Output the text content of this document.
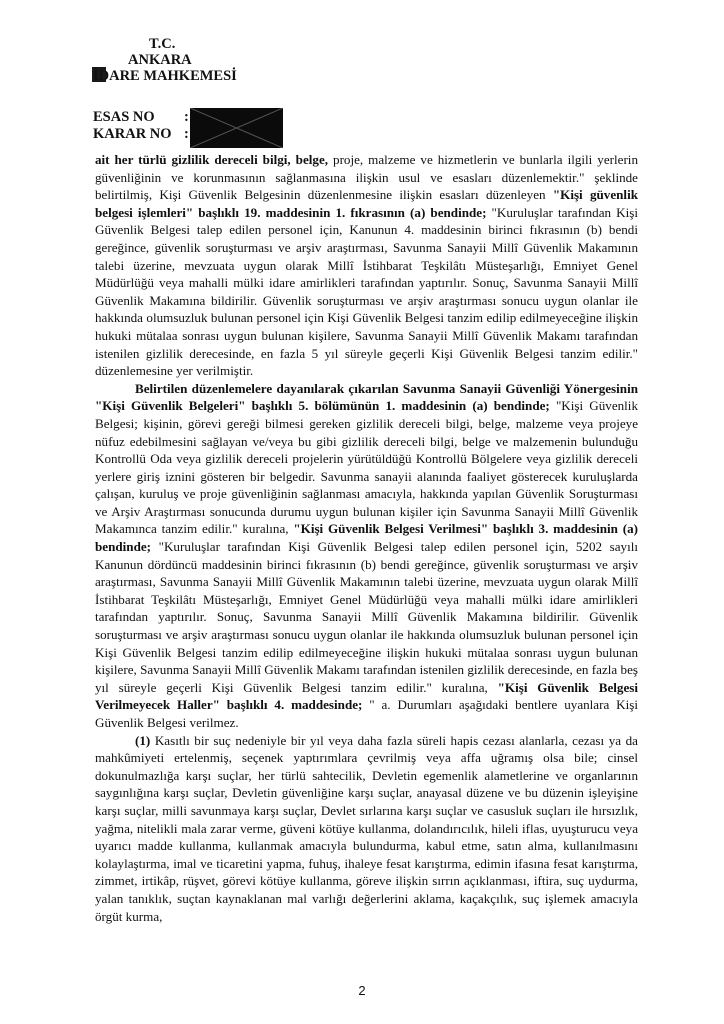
T.C.
ANKARA
İDARE MAHKEMESİ
ESAS NO :
KARAR NO :

ait her türlü gizlilik dereceli bilgi, belge, proje, malzeme ve hizmetlerin ve bunlarla ilgili yerlerin güvenliğinin ve korunmasının sağlanmasına ilişkin usul ve esasları düzenlemektir." şeklinde belirtilmiş, Kişi Güvenlik Belgesinin düzenlenmesine ilişkin esasları düzenleyen "Kişi güvenlik belgesi işlemleri" başlıklı 19. maddesinin 1. fıkrasının (a) bendinde; "Kuruluşlar tarafından Kişi Güvenlik Belgesi talep edilen personel için, Kanunun 4. maddesinin birinci fıkrasının (b) bendi gereğince, güvenlik soruşturması ve arşiv araştırması, Savunma Sanayii Millî Güvenlik Makamının talebi üzerine, mevzuata uygun olarak Millî İstihbarat Teşkilâtı Müsteşarlığı, Emniyet Genel Müdürlüğü veya mahalli mülki idare amirlikleri tarafından yaptırılır. Sonuç, Savunma Sanayii Millî Güvenlik Makamına bildirilir. Güvenlik soruşturması ve arşiv araştırması sonucu uygun olanlar ile hakkında olumsuzluk bulunan personel için Kişi Güvenlik Belgesi tanzim edilip edilmeyeceğine ilişkin hukuki mütalaa sonrası uygun bulunan kişilere, Savunma Sanayii Millî Güvenlik Makamı tarafından istenilen gizlilik derecesinde, en fazla 5 yıl süreyle geçerli Kişi Güvenlik Belgesi tanzim edilir." düzenlemesine yer verilmiştir.

Belirtilen düzenlemelere dayanılarak çıkarılan Savunma Sanayii Güvenliği Yönergesinin "Kişi Güvenlik Belgeleri" başlıklı 5. bölümünün 1. maddesinin (a) bendinde; "Kişi Güvenlik Belgesi; kişinin, görevi gereği bilmesi gereken gizlilik dereceli bilgi, belge, malzeme veya projeye nüfuz edebilmesini sağlayan ve/veya bu gibi gizlilik dereceli bilgi, belge ve malzemenin bulunduğu Kontrollü Oda veya gizlilik dereceli projelerin yürütüldüğü Kontrollü Bölgelere veya gizlilik dereceli yerlere giriş iznini gösteren bir belgedir. Savunma sanayii alanında faaliyet gösterecek kuruluşlarda çalışan, kuruluş ve proje güvenliğinin sağlanması amacıyla, hakkında yapılan Güvenlik Soruşturması ve Arşiv Araştırması sonucunda durumu uygun bulunan kişiler için Savunma Sanayii Millî Güvenlik Makamınca tanzim edilir." kuralına, "Kişi Güvenlik Belgesi Verilmesi" başlıklı 3. maddesinin (a) bendinde; "Kuruluşlar tarafından Kişi Güvenlik Belgesi talep edilen personel için, 5202 sayılı Kanunun dördüncü maddesinin birinci fıkrasının (b) bendi gereğince, güvenlik soruşturması ve arşiv araştırması, Savunma Sanayii Millî Güvenlik Makamının talebi üzerine, mevzuata uygun olarak Millî İstihbarat Teşkilâtı Müsteşarlığı, Emniyet Genel Müdürlüğü veya mahalli mülki idare amirlikleri tarafından yaptırılır. Sonuç, Savunma Sanayii Millî Güvenlik Makamına bildirilir. Güvenlik soruşturması ve arşiv araştırması sonucu uygun olanlar ile hakkında olumsuzluk bulunan personel için Kişi Güvenlik Belgesi tanzim edilip edilmeyeceğine ilişkin hukuki mütalaa sonrası uygun bulunan kişilere, Savunma Sanayii Millî Güvenlik Makamı tarafından istenilen gizlilik derecesinde, en fazla beş yıl süreyle geçerli Kişi Güvenlik Belgesi tanzim edilir." kuralına, "Kişi Güvenlik Belgesi Verilmeyecek Haller" başlıklı 4. maddesinde; " a. Durumları aşağıdaki bentlere uyanlara Kişi Güvenlik Belgesi verilmez.

(1) Kasıtlı bir suç nedeniyle bir yıl veya daha fazla süreli hapis cezası alanlarla, cezası ya da mahkûmiyeti ertelenmiş, seçenek yaptırımlara çevrilmiş veya affa uğramış olsa bile; cinsel dokunulmazlığa karşı suçlar, her türlü sahtecilik, Devletin egemenlik alametlerine ve organlarının saygınlığına karşı suçlar, Devletin güvenliğine karşı suçlar, anayasal düzene ve bu düzenin işleyişine karşı suçlar, milli savunmaya karşı suçlar, Devlet sırlarına karşı suçlar ve casusluk suçları ile hırsızlık, yağma, nitelikli mala zarar verme, güveni kötüye kullanma, dolandırıcılık, hileli iflas, uyuşturucu veya uyarıcı madde kullanma, kullanmak amacıyla bulundurma, kabul etme, satın alma, kullanılmasını kolaylaştırma, imal ve ticaretini yapma, fuhuş, ihaleye fesat karıştırma, edimin ifasına fesat karıştırma, zimmet, irtikâp, rüşvet, görevi kötüye kullanma, göreve ilişkin sırrın açıklanması, iftira, suç uydurma, yalan tanıklık, suçtan kaynaklanan mal varlığı değerlerini aklama, kaçakçılık, suç işlemek amacıyla örgüt kurma,

2
